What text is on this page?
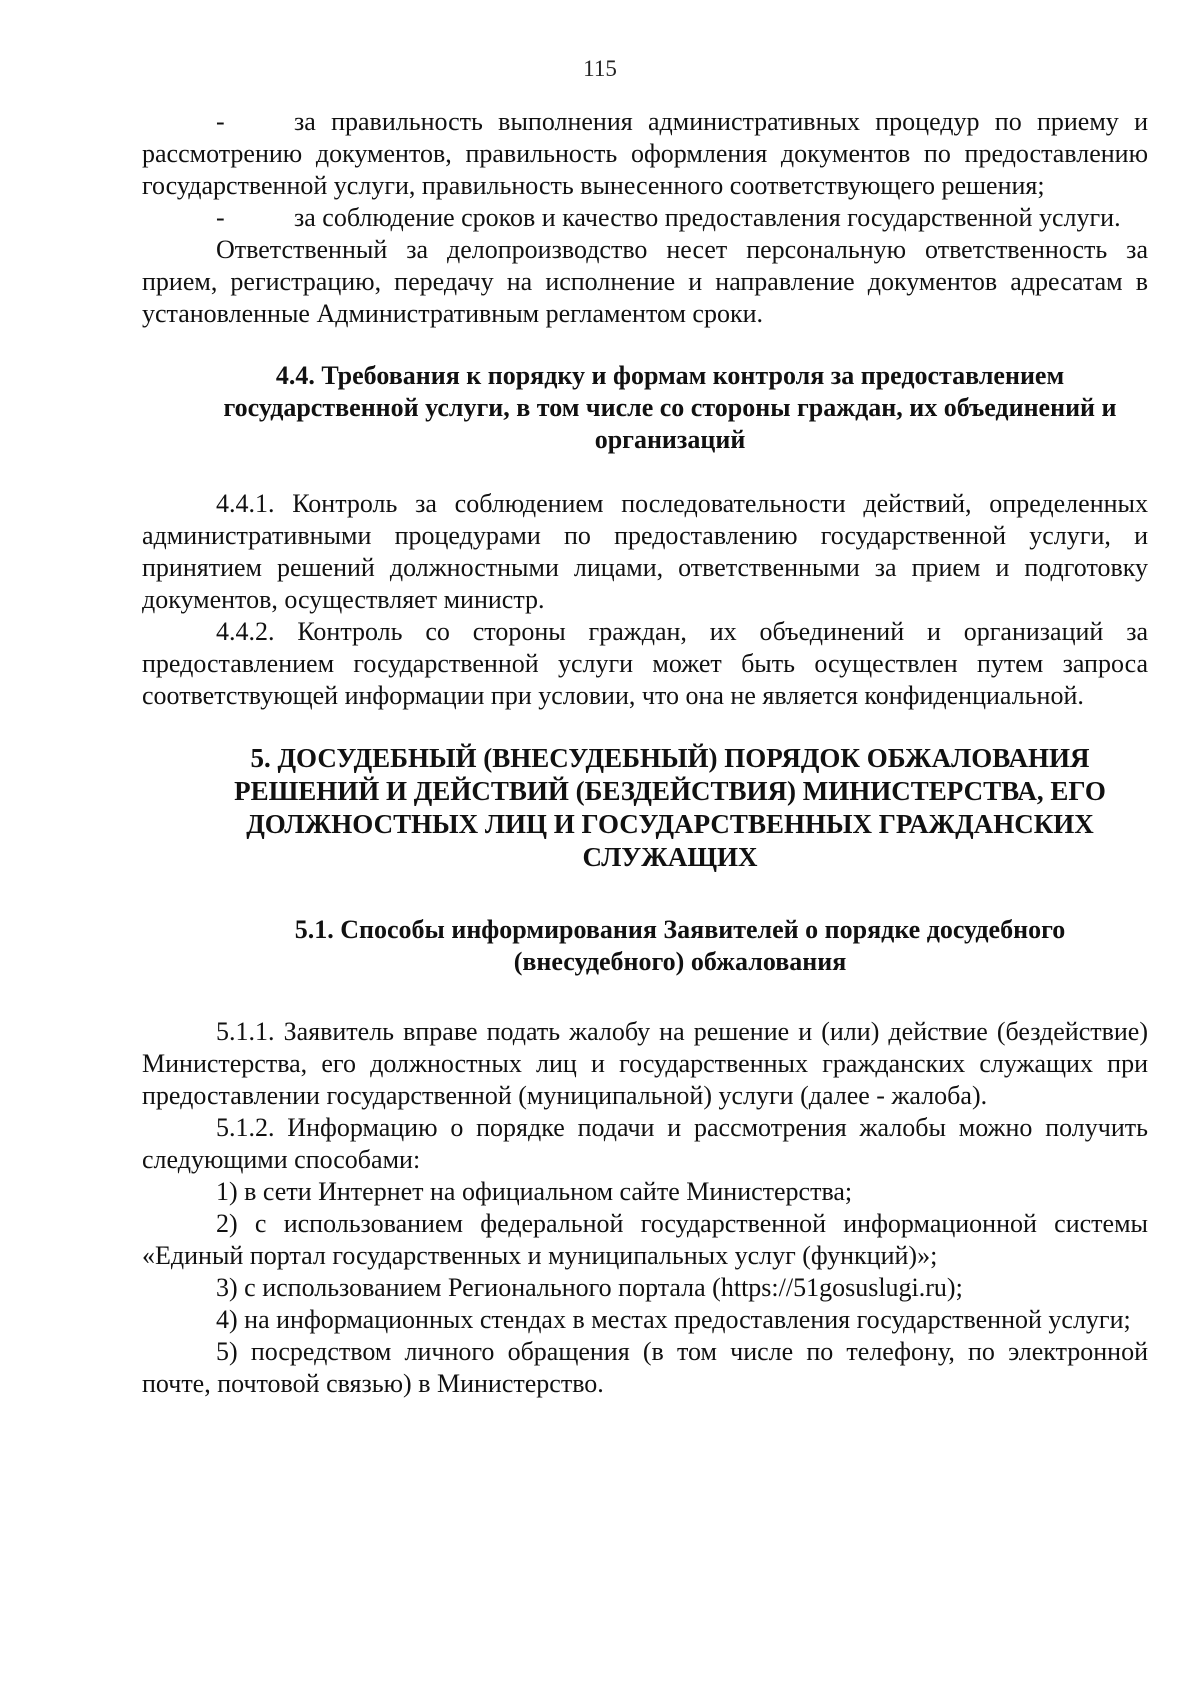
115

-	за правильность выполнения административных процедур по приему и рассмотрению документов, правильность оформления документов по предоставлению государственной услуги, правильность вынесенного соответствующего решения;

-	за соблюдение сроков и качество предоставления государственной услуги.

Ответственный за делопроизводство несет персональную ответственность за прием, регистрацию, передачу на исполнение и направление документов адресатам в установленные Административным регламентом сроки.

4.4. Требования к порядку и формам контроля за предоставлением государственной услуги, в том числе со стороны граждан, их объединений и организаций

4.4.1. Контроль за соблюдением последовательности действий, определенных административными процедурами по предоставлению государственной услуги, и принятием решений должностными лицами, ответственными за прием и подготовку документов, осуществляет министр.

4.4.2. Контроль со стороны граждан, их объединений и организаций за предоставлением государственной услуги может быть осуществлен путем запроса соответствующей информации при условии, что она не является конфиденциальной.

5. ДОСУДЕБНЫЙ (ВНЕСУДЕБНЫЙ) ПОРЯДОК ОБЖАЛОВАНИЯ РЕШЕНИЙ И ДЕЙСТВИЙ (БЕЗДЕЙСТВИЯ) МИНИСТЕРСТВА, ЕГО ДОЛЖНОСТНЫХ ЛИЦ И ГОСУДАРСТВЕННЫХ ГРАЖДАНСКИХ СЛУЖАЩИХ

5.1. Способы информирования Заявителей о порядке досудебного (внесудебного) обжалования

5.1.1. Заявитель вправе подать жалобу на решение и (или) действие (бездействие) Министерства, его должностных лиц и государственных гражданских служащих при предоставлении государственной (муниципальной) услуги (далее - жалоба).

5.1.2. Информацию о порядке подачи и рассмотрения жалобы можно получить следующими способами:

1) в сети Интернет на официальном сайте Министерства;

2) с использованием федеральной государственной информационной системы «Единый портал государственных и муниципальных услуг (функций)»;

3) с использованием Регионального портала (https://51gosuslugi.ru);

4) на информационных стендах в местах предоставления государственной услуги;

5) посредством личного обращения (в том числе по телефону, по электронной почте, почтовой связью) в Министерство.
